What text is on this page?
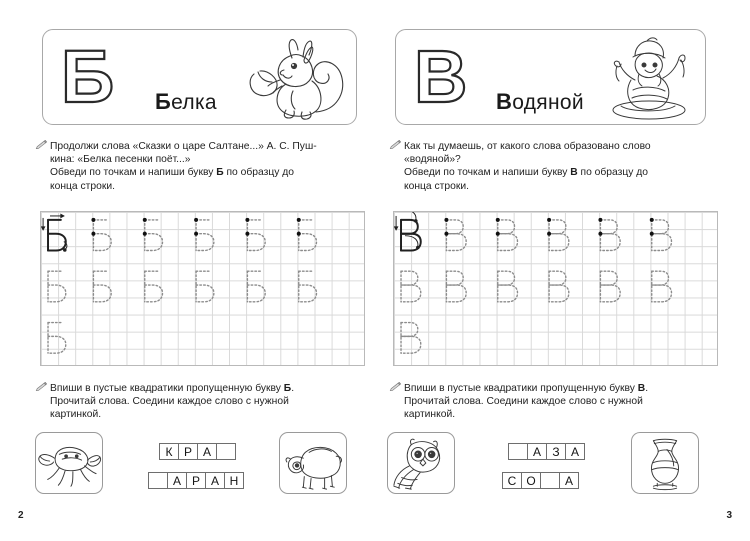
Б Белка

Продолжи слова «Сказки о царе Салтане...» А. С. Пуш-

кина: «Белка песенки поёт...»

Обведи по точкам и напиши букву Б по образцу до

конца строки.

Впиши в пустые квадратики пропущенную букву Б.

Прочитай слова. Соедини каждое слово с нужной

картинкой.

К Р А
А Р А Н
2
В Водяной

Как ты думаешь, от какого слова образовано слово

«водяной»?

Обведи по точкам и напиши букву В по образцу до

конца строки.

Впиши в пустые квадратики пропущенную букву В.

Прочитай слова. Соедини каждое слово с нужной

картинкой.

А З А
С О	А
3
